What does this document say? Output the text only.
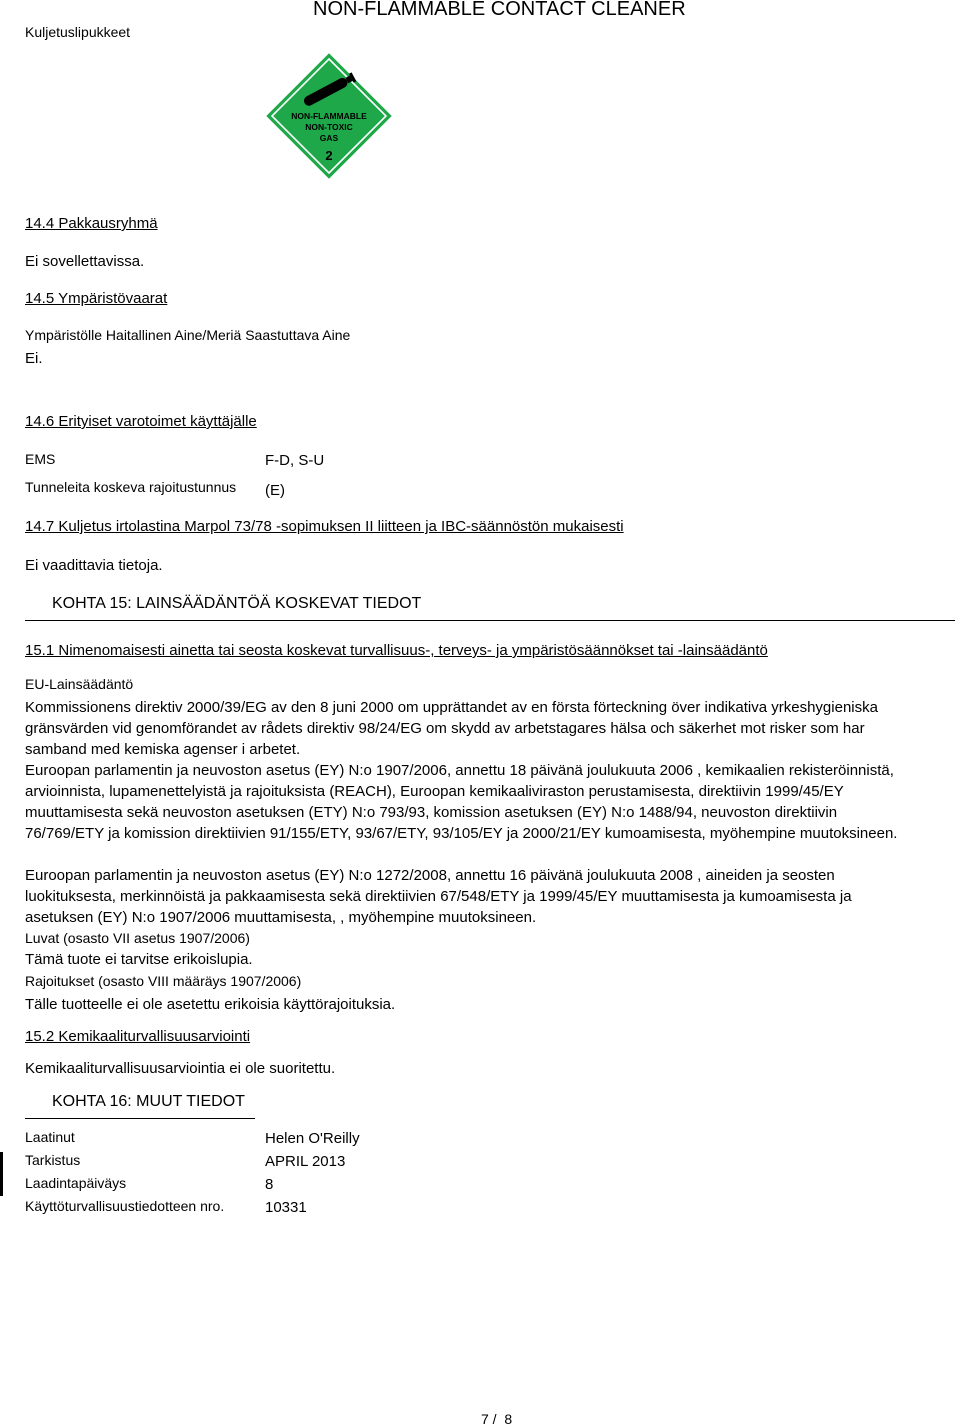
Kuljetuslipukkeet
NON-FLAMMABLE CONTACT CLEANER
NON-FLAMMABLE
NON-TOXIC
GAS
2
14.4 Pakkausryhmä
Ei sovellettavissa.
14.5 Ympäristövaarat
Ympäristölle Haitallinen Aine/Meriä Saastuttava Aine
Ei.
14.6 Erityiset varotoimet käyttäjälle
EMS	F-D, S-U
Tunneleita koskeva rajoitustunnus (E)
14.7 Kuljetus irtolastina Marpol 73/78 -sopimuksen II liitteen ja IBC-säännöstön mukaisesti
Ei vaadittavia tietoja.
KOHTA 15: LAINSÄÄDÄNTÖÄ KOSKEVAT TIEDOT
15.1 Nimenomaisesti ainetta tai seosta koskevat turvallisuus-, terveys- ja ympäristösäännökset tai -lainsäädäntö
EU-Lainsäädäntö
Kommissionens direktiv 2000/39/EG av den 8 juni 2000 om upprättandet av en första förteckning över indikativa yrkeshygieniska gränsvärden vid genomförandet av rådets direktiv 98/24/EG om skydd av arbetstagares hälsa och säkerhet mot risker som har samband med kemiska agenser i arbetet.
Euroopan parlamentin ja neuvoston asetus (EY) N:o 1907/2006, annettu 18 päivänä joulukuuta 2006 , kemikaalien rekisteröinnistä, arvioinnista, lupamenettelyistä ja rajoituksista (REACH), Euroopan kemikaaliviraston perustamisesta, direktiivin 1999/45/EY muuttamisesta sekä neuvoston asetuksen (ETY) N:o 793/93, komission asetuksen (EY) N:o 1488/94, neuvoston direktiivin 76/769/ETY ja komission direktiivien 91/155/ETY, 93/67/ETY, 93/105/EY ja 2000/21/EY kumoamisesta, myöhempine muutoksineen.
Euroopan parlamentin ja neuvoston asetus (EY) N:o 1272/2008, annettu 16 päivänä joulukuuta 2008 , aineiden ja seosten luokituksesta, merkinnöistä ja pakkaamisesta sekä direktiivien 67/548/ETY ja 1999/45/EY muuttamisesta ja kumoamisesta ja asetuksen (EY) N:o 1907/2006 muuttamisesta, , myöhempine muutoksineen.
Luvat (osasto VII asetus 1907/2006)
Tämä tuote ei tarvitse erikoislupia.
Rajoitukset (osasto VIII määräys 1907/2006)
Tälle tuotteelle ei ole asetettu erikoisia käyttörajoituksia.
15.2 Kemikaaliturvallisuusarviointi
Kemikaaliturvallisuusarviointia ei ole suoritettu.
KOHTA 16: MUUT TIEDOT
Laatinut	Helen O'Reilly
Tarkistus	APRIL 2013
Laadintapäiväys	8
Käyttöturvallisuustiedotteen nro.	10331
7 /  8
